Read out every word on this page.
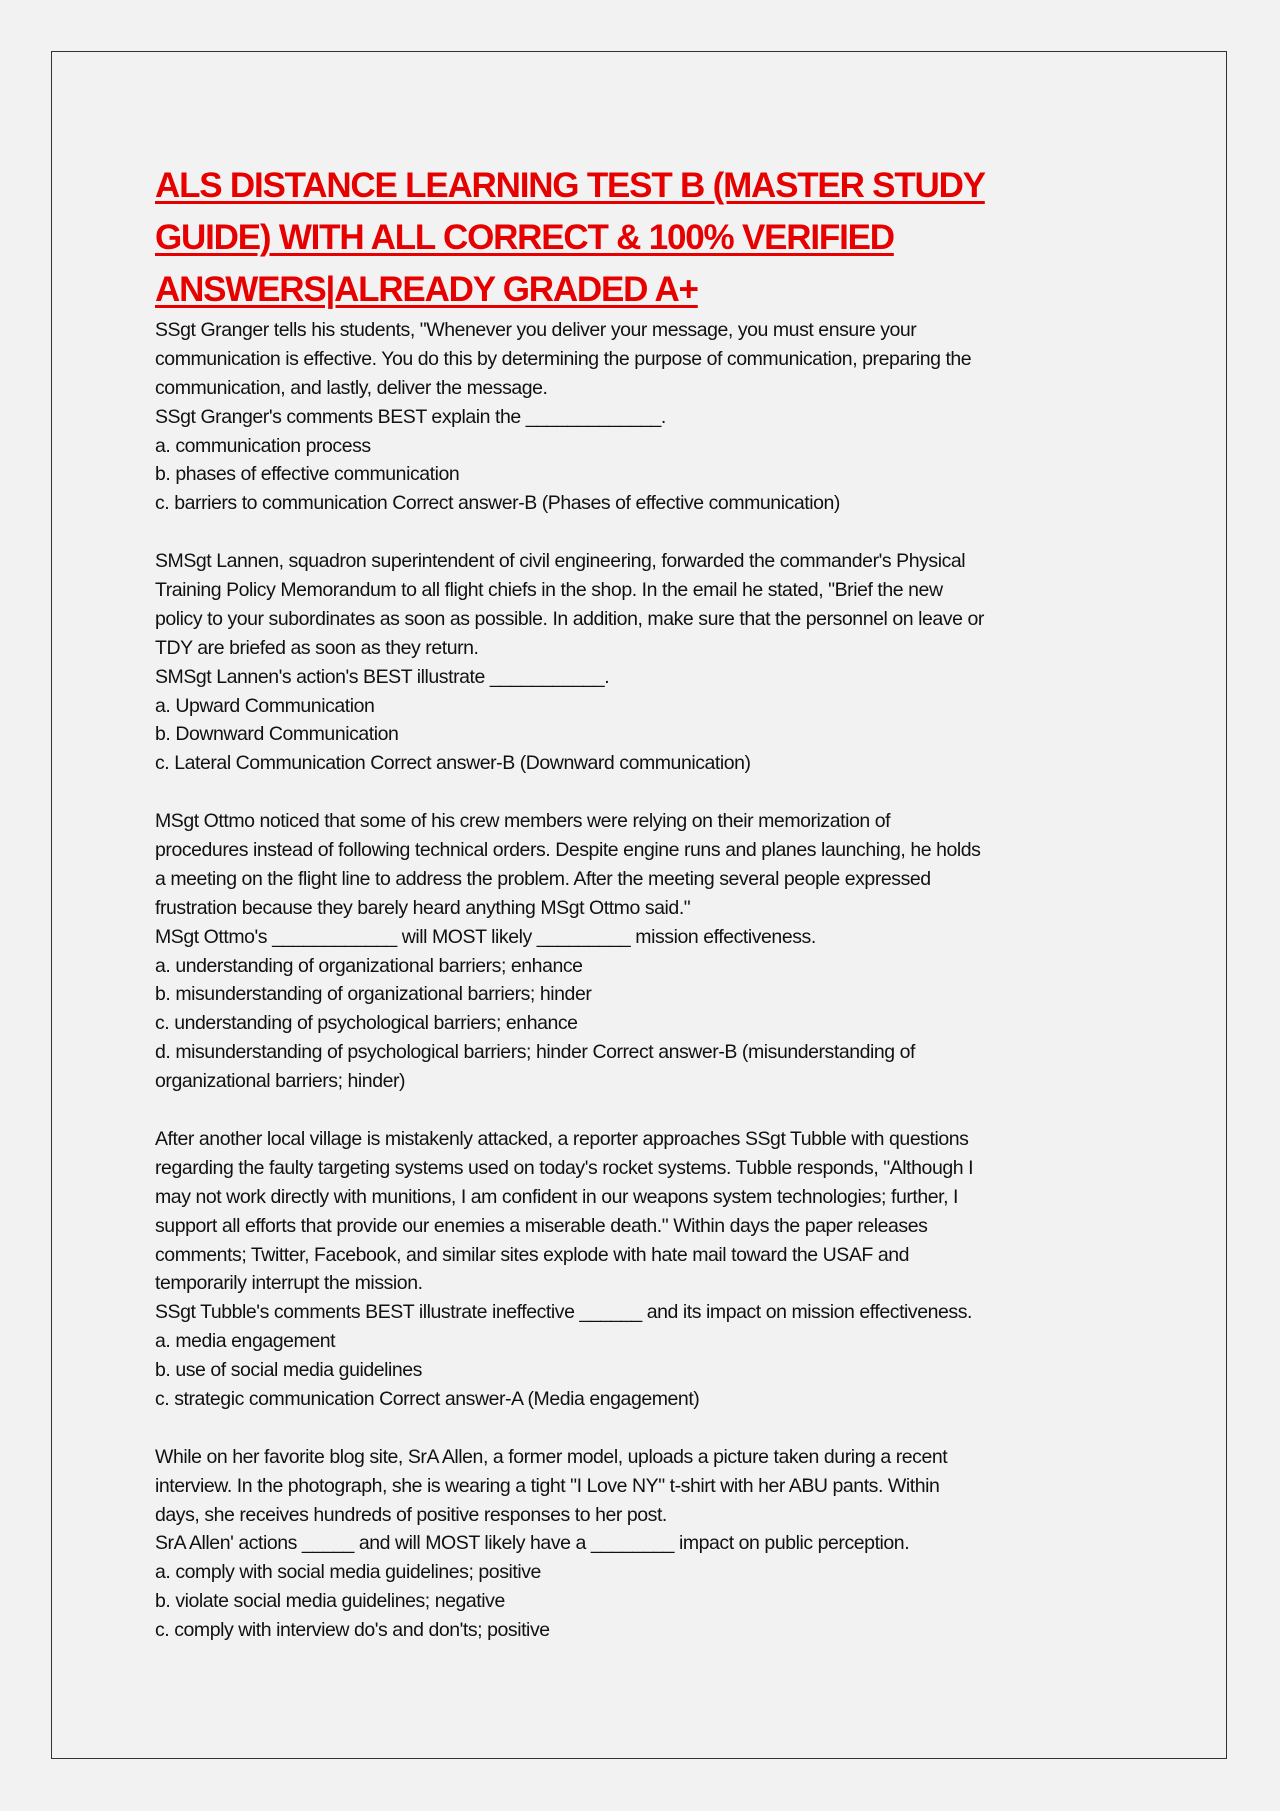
ALS DISTANCE LEARNING TEST B (MASTER STUDY
GUIDE) WITH ALL CORRECT & 100% VERIFIED
ANSWERS|ALREADY GRADED A+
SSgt Granger tells his students, "Whenever you deliver your message, you must ensure your
communication is effective. You do this by determining the purpose of communication, preparing the
communication, and lastly, deliver the message.
SSgt Granger's comments BEST explain the _____________.
a. communication process
b. phases of effective communication
c. barriers to communication Correct answer-B (Phases of effective communication)
SMSgt Lannen, squadron superintendent of civil engineering, forwarded the commander's Physical
Training Policy Memorandum to all flight chiefs in the shop. In the email he stated, "Brief the new
policy to your subordinates as soon as possible. In addition, make sure that the personnel on leave or
TDY are briefed as soon as they return.
SMSgt Lannen's action's BEST illustrate ___________.
a. Upward Communication
b. Downward Communication
c. Lateral Communication Correct answer-B (Downward communication)
MSgt Ottmo noticed that some of his crew members were relying on their memorization of
procedures instead of following technical orders. Despite engine runs and planes launching, he holds
a meeting on the flight line to address the problem. After the meeting several people expressed
frustration because they barely heard anything MSgt Ottmo said."
MSgt Ottmo's ____________ will MOST likely _________ mission effectiveness.
a. understanding of organizational barriers; enhance
b. misunderstanding of organizational barriers; hinder
c. understanding of psychological barriers; enhance
d. misunderstanding of psychological barriers; hinder Correct answer-B (misunderstanding of
organizational barriers; hinder)
After another local village is mistakenly attacked, a reporter approaches SSgt Tubble with questions
regarding the faulty targeting systems used on today's rocket systems. Tubble responds, "Although I
may not work directly with munitions, I am confident in our weapons system technologies; further, I
support all efforts that provide our enemies a miserable death." Within days the paper releases
comments; Twitter, Facebook, and similar sites explode with hate mail toward the USAF and
temporarily interrupt the mission.
SSgt Tubble's comments BEST illustrate ineffective ______ and its impact on mission effectiveness.
a. media engagement
b. use of social media guidelines
c. strategic communication Correct answer-A (Media engagement)
While on her favorite blog site, SrA Allen, a former model, uploads a picture taken during a recent
interview. In the photograph, she is wearing a tight "I Love NY" t-shirt with her ABU pants. Within
days, she receives hundreds of positive responses to her post.
SrA Allen' actions _____ and will MOST likely have a ________ impact on public perception.
a. comply with social media guidelines; positive
b. violate social media guidelines; negative
c. comply with interview do's and don'ts; positive
